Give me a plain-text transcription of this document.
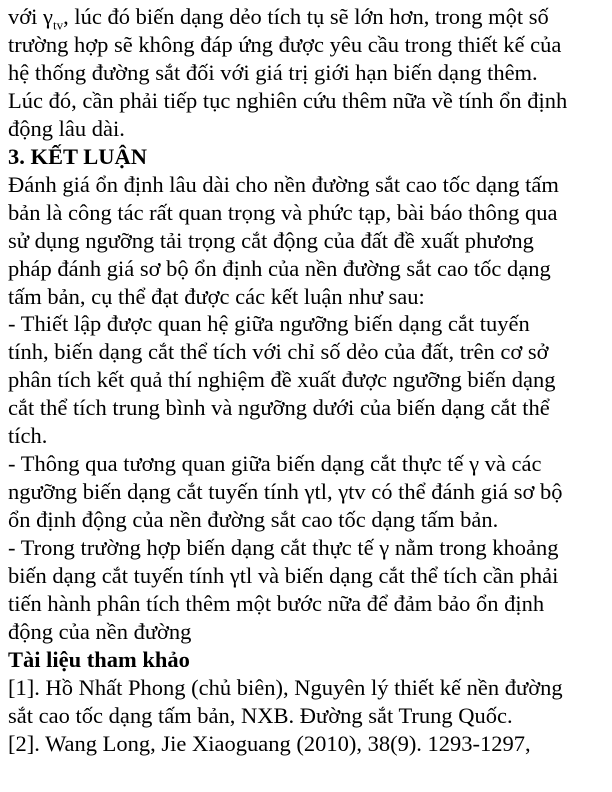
với $\gamma_{tv}$, lúc đó biến dạng dẻo tích tụ sẽ lớn hơn, trong một số
trường hợp sẽ không đáp ứng được yêu cầu trong thiết kế của
hệ thống đường sắt đối với giá trị giới hạn biến dạng thêm.
Lúc đó, cần phải tiếp tục nghiên cứu thêm nữa về tính ổn định
động lâu dài.
3. KẾT LUẬN
Đánh giá ổn định lâu dài cho nền đường sắt cao tốc dạng tấm
bản là công tác rất quan trọng và phức tạp, bài báo thông qua
sử dụng ngưỡng tải trọng cắt động của đất đề xuất phương
pháp đánh giá sơ bộ ổn định của nền đường sắt cao tốc dạng
tấm bản, cụ thể đạt được các kết luận như sau:
- Thiết lập được quan hệ giữa ngưỡng biến dạng cắt tuyến
tính, biến dạng cắt thể tích với chỉ số dẻo của đất, trên cơ sở
phân tích kết quả thí nghiệm đề xuất được ngưỡng biến dạng
cắt thể tích trung bình và ngưỡng dưới của biến dạng cắt thể
tích.
- Thông qua tương quan giữa biến dạng cắt thực tế γ và các
ngưỡng biến dạng cắt tuyến tính γtl, γtv có thể đánh giá sơ bộ
ổn định động của nền đường sắt cao tốc dạng tấm bản.
- Trong trường hợp biến dạng cắt thực tế γ nằm trong khoảng
biến dạng cắt tuyến tính γtl và biến dạng cắt thể tích cần phải
tiến hành phân tích thêm một bước nữa để đảm bảo ổn định
động của nền đường
Tài liệu tham khảo
[1]. Hồ Nhất Phong (chủ biên), Nguyên lý thiết kế nền đường
sắt cao tốc dạng tấm bản, NXB. Đường sắt Trung Quốc.
[2]. Wang Long, Jie Xiaoguang (2010), 38(9). 1293-1297,
